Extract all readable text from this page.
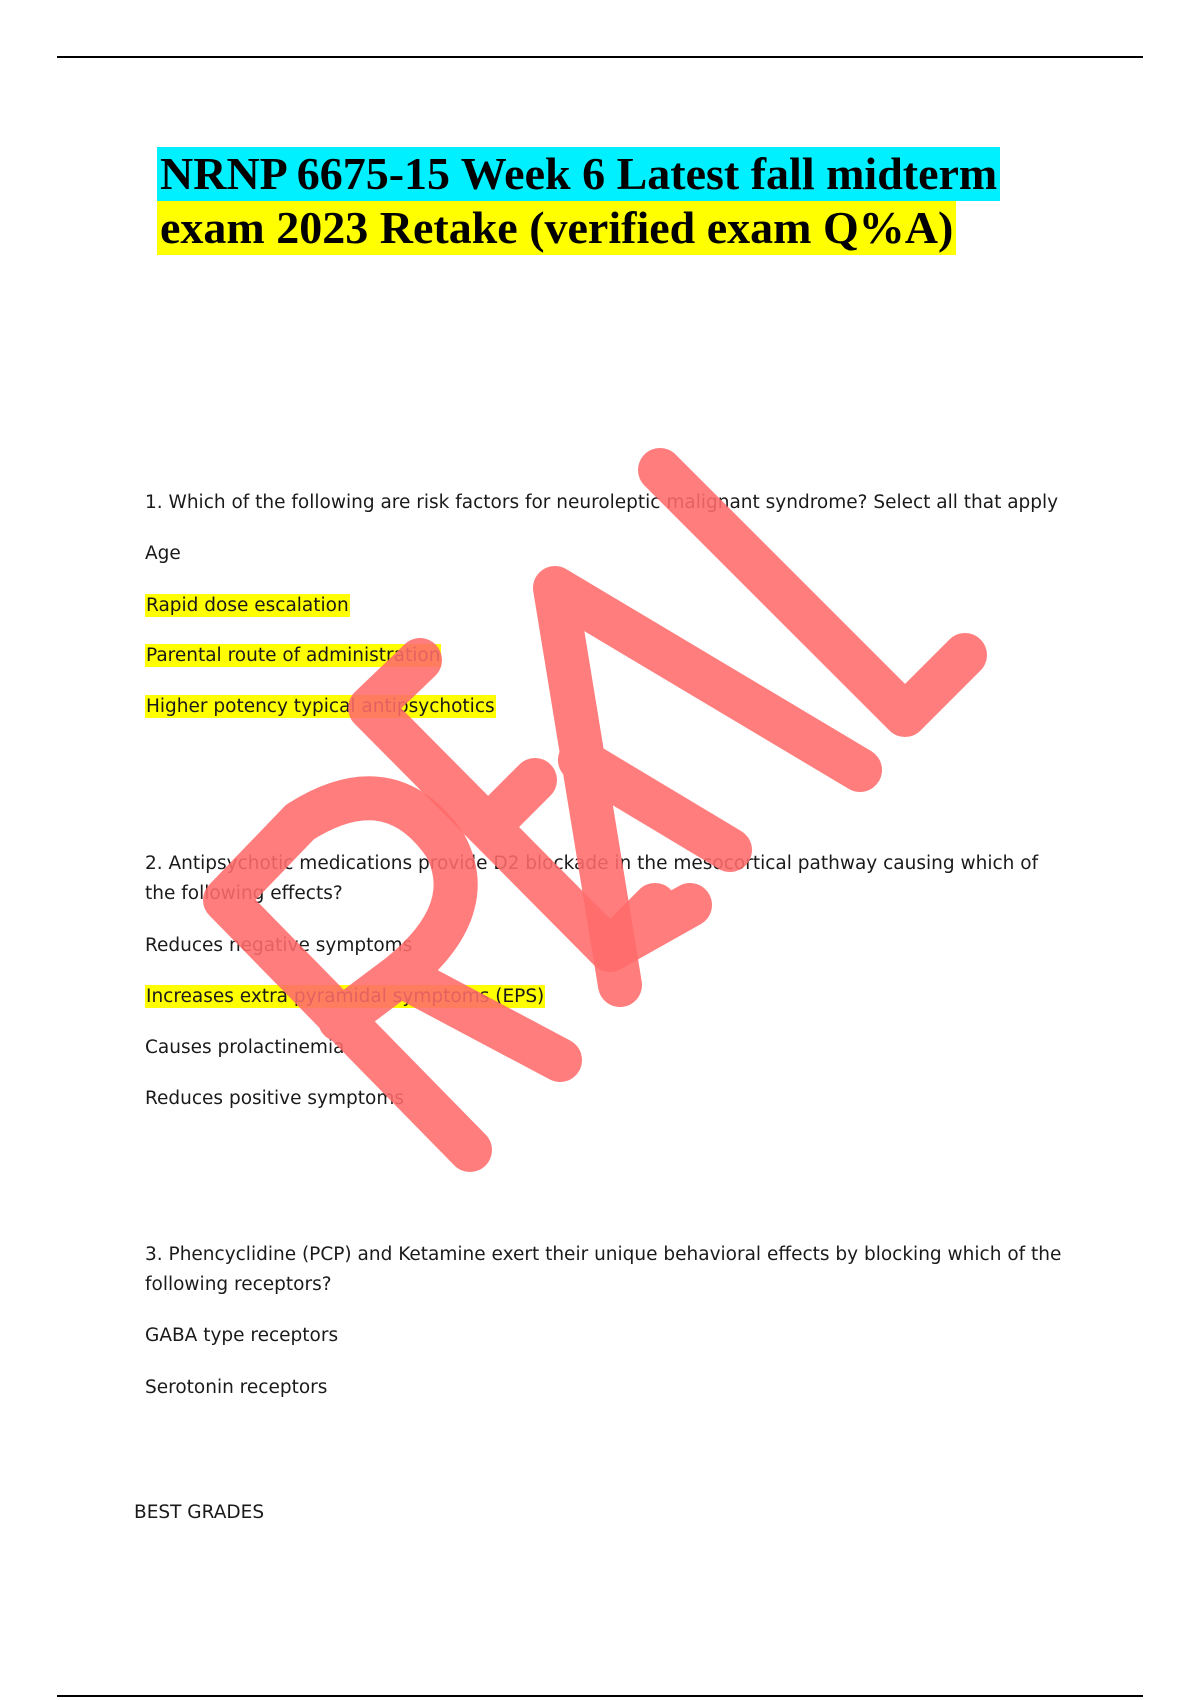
NRNP 6675-15 Week 6 Latest fall midterm
exam 2023 Retake (verified exam Q%A)
1. Which of the following are risk factors for neuroleptic malignant syndrome? Select all that apply
Age
Rapid dose escalation
Parental route of administration
Higher potency typical antipsychotics
2. Antipsychotic medications provide D2 blockade in the mesocortical pathway causing which of the following effects?
Reduces negative symptoms
Increases extra pyramidal symptoms (EPS)
Causes prolactinemia
Reduces positive symptoms
3. Phencyclidine (PCP) and Ketamine exert their unique behavioral effects by blocking which of the following receptors?
GABA type receptors
Serotonin receptors
BEST GRADES
